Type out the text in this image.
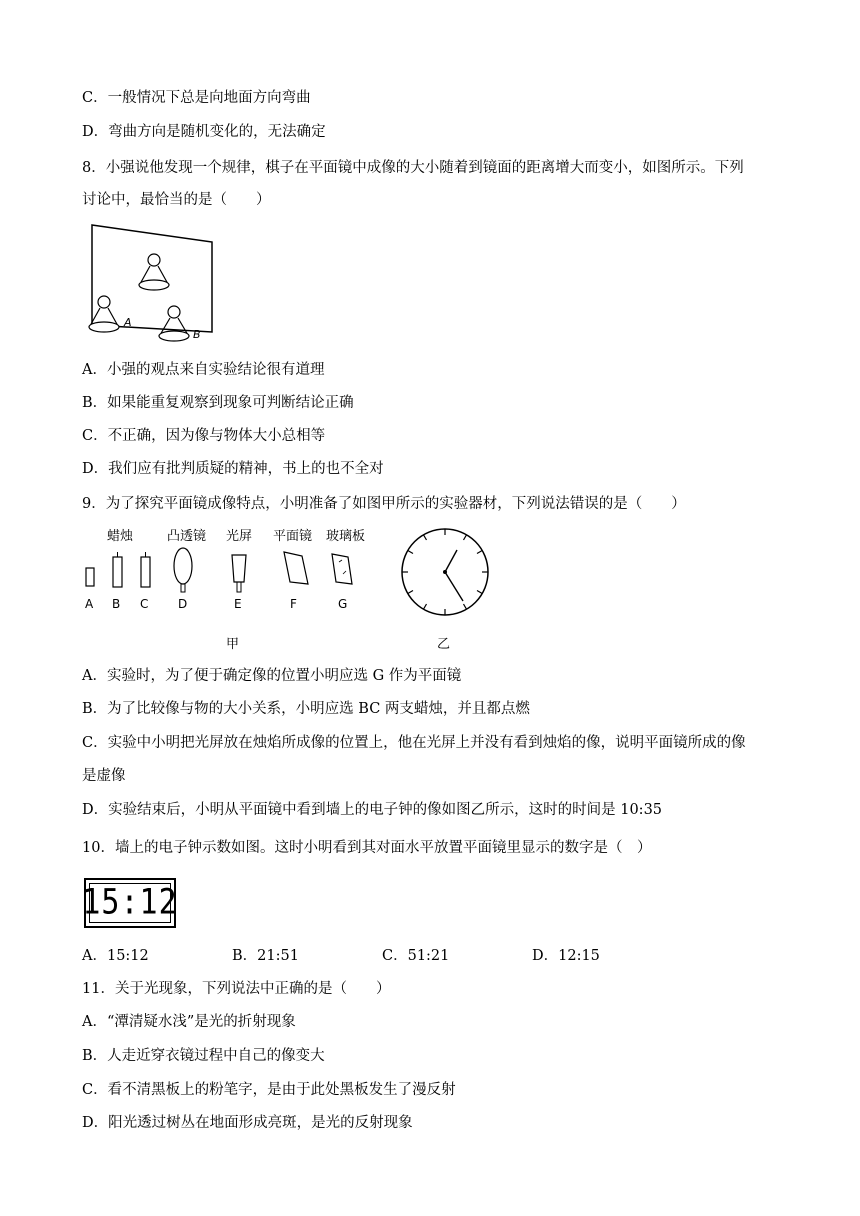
C．一般情况下总是向地面方向弯曲
D．弯曲方向是随机变化的，无法确定
8．小强说他发现一个规律，棋子在平面镜中成像的大小随着到镜面的距离增大而变小，如图所示。下列
讨论中，最恰当的是（　　）
A
B
A．小强的观点来自实验结论很有道理
B．如果能重复观察到现象可判断结论正确
C．不正确，因为像与物体大小总相等
D．我们应有批判质疑的精神，书上的也不全对
9．为了探究平面镜成像特点，小明准备了如图甲所示的实验器材，下列说法错误的是（　　）
蜡烛	凸透镜 光屏 平面镜 玻璃板
A B C D	E	F	G
甲	乙
A．实验时，为了便于确定像的位置小明应选 G 作为平面镜
B．为了比较像与物的大小关系，小明应选 BC 两支蜡烛，并且都点燃
C．实验中小明把光屏放在烛焰所成像的位置上，他在光屏上并没有看到烛焰的像，说明平面镜所成的像
是虚像
D．实验结束后，小明从平面镜中看到墙上的电子钟的像如图乙所示，这时的时间是 10:35
10．墙上的电子钟示数如图。这时小明看到其对面水平放置平面镜里显示的数字是（　）
15:12
A．15:12	B．21:51	C．51:21	D．12:15
11．关于光现象，下列说法中正确的是（　　）
A．“潭清疑水浅”是光的折射现象
B．人走近穿衣镜过程中自己的像变大
C．看不清黑板上的粉笔字，是由于此处黑板发生了漫反射
D．阳光透过树丛在地面形成亮斑，是光的反射现象
